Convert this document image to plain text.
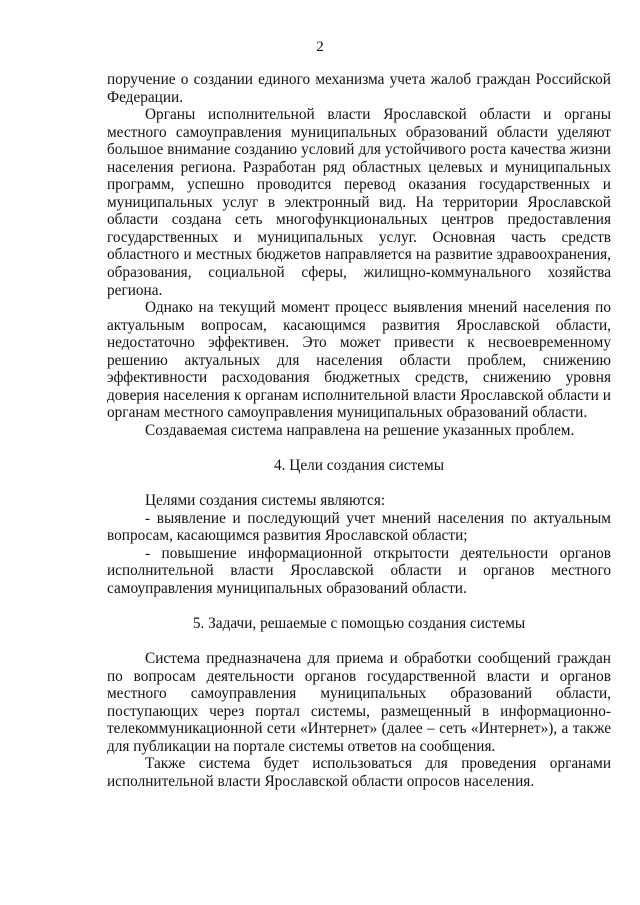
2

поручение о создании единого механизма учета жалоб граждан Российской Федерации.

Органы исполнительной власти Ярославской области и органы местного самоуправления муниципальных образований области уделяют большое внимание созданию условий для устойчивого роста качества жизни населения региона. Разработан ряд областных целевых и муниципальных программ, успешно проводится перевод оказания государственных и муниципальных услуг в электронный вид. На территории Ярославской области создана сеть многофункциональных центров предоставления государственных и муниципальных услуг. Основная часть средств областного и местных бюджетов направляется на развитие здравоохранения, образования, социальной сферы, жилищно-коммунального хозяйства региона.

Однако на текущий момент процесс выявления мнений населения по актуальным вопросам, касающимся развития Ярославской области, недостаточно эффективен. Это может привести к несвоевременному решению актуальных для населения области проблем, снижению эффективности расходования бюджетных средств, снижению уровня доверия населения к органам исполнительной власти Ярославской области и органам местного самоуправления муниципальных образований области.

Создаваемая система направлена на решение указанных проблем.

4. Цели создания системы

Целями создания системы являются:

- выявление и последующий учет мнений населения по актуальным вопросам, касающимся развития Ярославской области;

- повышение информационной открытости деятельности органов исполнительной власти Ярославской области и органов местного самоуправления муниципальных образований области.

5. Задачи, решаемые с помощью создания системы

Система предназначена для приема и обработки сообщений граждан по вопросам деятельности органов государственной власти и органов местного самоуправления муниципальных образований области, поступающих через портал системы, размещенный в информационно-телекоммуникационной сети «Интернет» (далее – сеть «Интернет»), а также для публикации на портале системы ответов на сообщения.

Также система будет использоваться для проведения органами исполнительной власти Ярославской области опросов населения.
